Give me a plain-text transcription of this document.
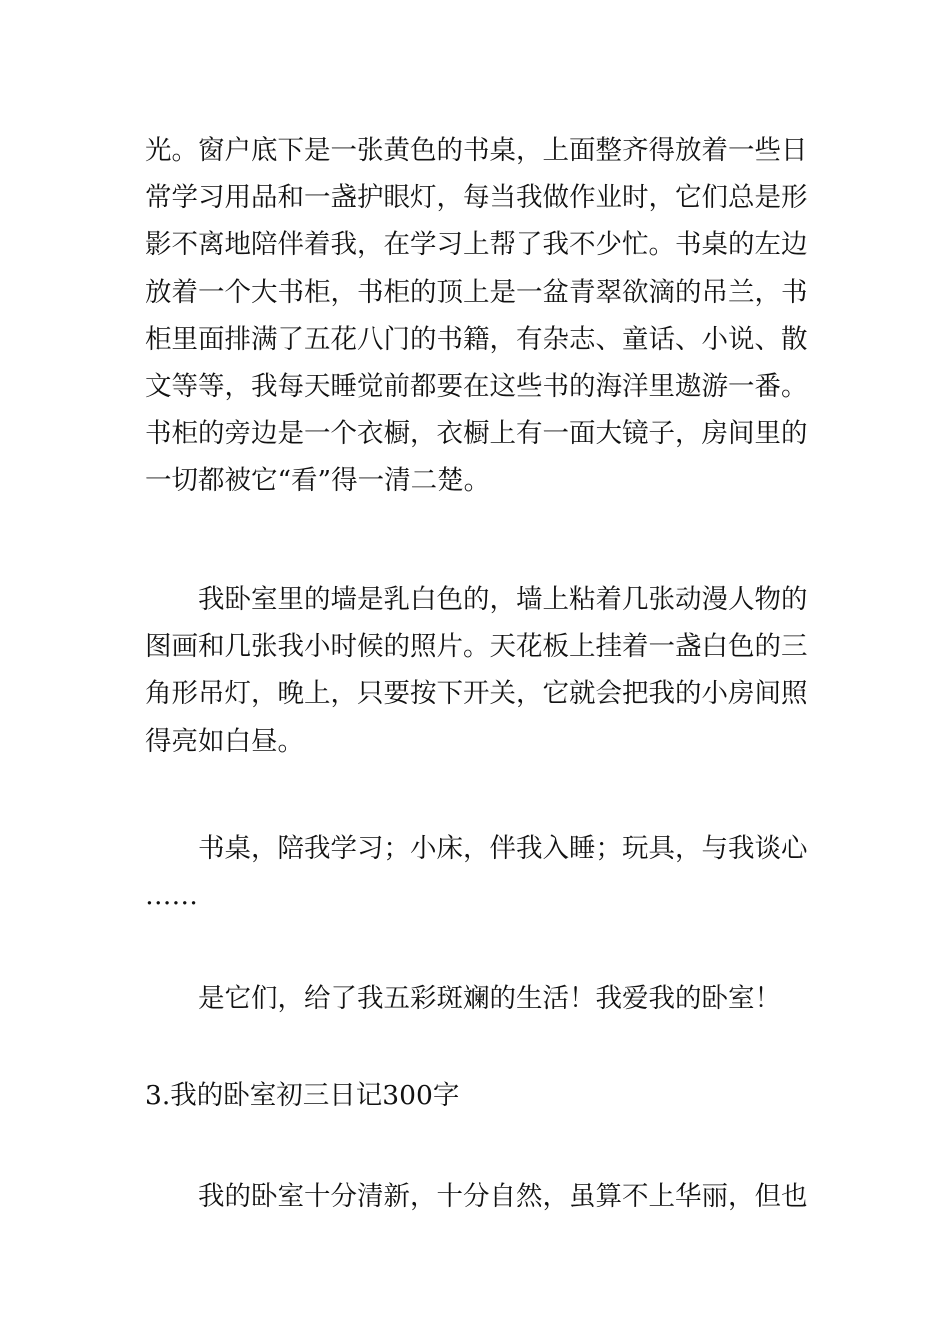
光。窗户底下是一张黄色的书桌，上面整齐得放着一些日
常学习用品和一盏护眼灯，每当我做作业时，它们总是形
影不离地陪伴着我，在学习上帮了我不少忙。书桌的左边
放着一个大书柜，书柜的顶上是一盆青翠欲滴的吊兰，书
柜里面排满了五花八门的书籍，有杂志、童话、小说、散
文等等，我每天睡觉前都要在这些书的海洋里遨游一番。
书柜的旁边是一个衣橱，衣橱上有一面大镜子，房间里的
一切都被它“看”得一清二楚。
我卧室里的墙是乳白色的，墙上粘着几张动漫人物的
图画和几张我小时候的照片。天花板上挂着一盏白色的三
角形吊灯，晚上，只要按下开关，它就会把我的小房间照
得亮如白昼。
书桌，陪我学习；小床，伴我入睡；玩具，与我谈心
……
是它们，给了我五彩斑斓的生活！我爱我的卧室！
3.我的卧室初三日记300字
我的卧室十分清新，十分自然，虽算不上华丽，但也
